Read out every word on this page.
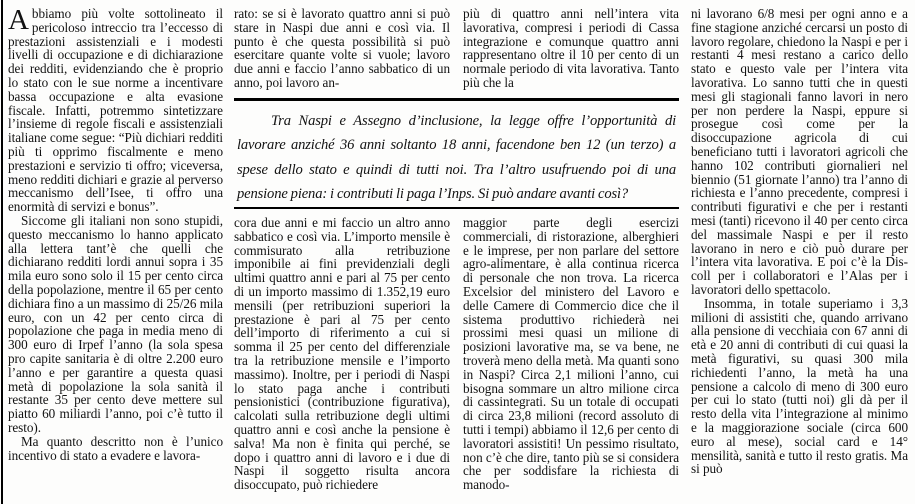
Abbiamo più volte sottolineato il pericoloso intreccio tra l’eccesso di prestazioni assistenziali e i modesti livelli di occupazione e di dichiarazione dei redditi, evidenziando che è proprio lo stato con le sue norme a incentivare bassa occupazione e alta evasione fiscale. Infatti, potremmo sintetizzare l’insieme di regole fiscali e assistenziali italiane come segue: “Più dichiari redditi più ti opprimo fiscalmente e meno prestazioni e servizio ti offro; viceversa, meno redditi dichiari e grazie al perverso meccanismo dell’Isee, ti offro una enormità di servizi e bonus”.

Siccome gli italiani non sono stupidi, questo meccanismo lo hanno applicato alla lettera tant’è che quelli che dichiarano redditi lordi annui sopra i 35 mila euro sono solo il 15 per cento circa della popolazione, mentre il 65 per cento dichiara fino a un massimo di 25/26 mila euro, con un 42 per cento circa di popolazione che paga in media meno di 300 euro di Irpef l’anno (la sola spesa pro capite sanitaria è di oltre 2.200 euro l’anno e per garantire a questa quasi metà di popolazione la sola sanità il restante 35 per cento deve mettere sul piatto 60 miliardi l’anno, poi c’è tutto il resto).

Ma quanto descritto non è l’unico incentivo di stato a evadere e lavora-

rato: se si è lavorato quattro anni si può stare in Naspi due anni e così via. Il punto è che questa possibilità si può esercitare quante volte si vuole; lavoro due anni e faccio l’anno sabbatico di un anno, poi lavoro an-

più di quattro anni nell’intera vita lavorativa, compresi i periodi di Cassa integrazione e comunque quattro anni rappresentano oltre il 10 per cento di un normale periodo di vita lavorativa. Tanto più che la

Tra Naspi e Assegno d’inclusione, la legge offre l’opportunità di lavorare anziché 36 anni soltanto 18 anni, facendone ben 12 (un terzo) a spese dello stato e quindi di tutti noi. Tra l’altro usufruendo poi di una pensione piena: i contributi li paga l’Inps. Si può andare avanti così?

cora due anni e mi faccio un altro anno sabbatico e così via. L’importo mensile è commisurato alla retribuzione imponibile ai fini previdenziali degli ultimi quattro anni e pari al 75 per cento di un importo massimo di 1.352,19 euro mensili (per retribuzioni superiori la prestazione è pari al 75 per cento dell’importo di riferimento a cui si somma il 25 per cento del differenziale tra la retribuzione mensile e l’importo massimo). Inoltre, per i periodi di Naspi lo stato paga anche i contributi pensionistici (contribuzione figurativa), calcolati sulla retribuzione degli ultimi quattro anni e così anche la pensione è salva! Ma non è finita qui perché, se dopo i quattro anni di lavoro e i due di Naspi il soggetto risulta ancora disoccupato, può richiedere

maggior parte degli esercizi commerciali, di ristorazione, alberghieri e le imprese, per non parlare del settore agro-alimentare, è alla continua ricerca di personale che non trova. La ricerca Excelsior del ministero del Lavoro e delle Camere di Commercio dice che il sistema produttivo richiederà nei prossimi mesi quasi un milione di posizioni lavorative ma, se va bene, ne troverà meno della metà. Ma quanti sono in Naspi? Circa 2,1 milioni l’anno, cui bisogna sommare un altro milione circa di cassintegrati. Su un totale di occupati di circa 23,8 milioni (record assoluto di tutti i tempi) abbiamo il 12,6 per cento di lavoratori assistiti! Un pessimo risultato, non c’è che dire, tanto più se si considera che per soddisfare la richiesta di manodo-

ni lavorano 6/8 mesi per ogni anno e a fine stagione anziché cercarsi un posto di lavoro regolare, chiedono la Naspi e per i restanti 4 mesi restano a carico dello stato e questo vale per l’intera vita lavorativa. Lo sanno tutti che in questi mesi gli stagionali fanno lavori in nero per non perdere la Naspi, eppure si prosegue così come per la disoccupazione agricola di cui beneficiano tutti i lavoratori agricoli che hanno 102 contributi giornalieri nel biennio (51 giornate l’anno) tra l’anno di richiesta e l’anno precedente, compresi i contributi figurativi e che per i restanti mesi (tanti) ricevono il 40 per cento circa del massimale Naspi e per il resto lavorano in nero e ciò può durare per l’intera vita lavorativa. E poi c’è la Dis-coll per i collaboratori e l’Alas per i lavoratori dello spettacolo.

Insomma, in totale superiamo i 3,3 milioni di assistiti che, quando arrivano alla pensione di vecchiaia con 67 anni di età e 20 anni di contributi di cui quasi la metà figurativi, su quasi 300 mila richiedenti l’anno, la metà ha una pensione a calcolo di meno di 300 euro per cui lo stato (tutti noi) gli dà per il resto della vita l’integrazione al minimo e la maggiorazione sociale (circa 600 euro al mese), social card e 14° mensilità, sanità e tutto il resto gratis. Ma si può
